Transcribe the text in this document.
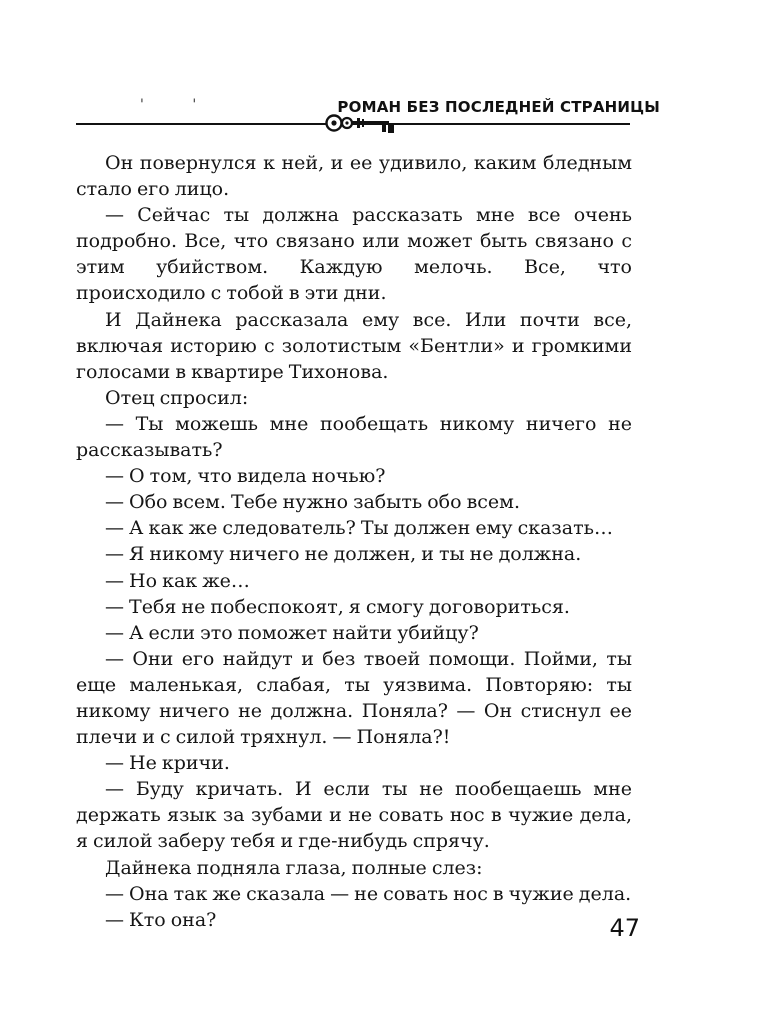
'	'	РОМАН БЕЗ ПОСЛЕДНЕЙ СТРАНИЦЫ

Он повернулся к ней, и ее удивило, каким бледным стало его лицо.

— Сейчас ты должна рассказать мне все очень подробно. Все, что связано или может быть связано с этим убийством. Каждую мелочь. Все, что происходило с тобой в эти дни.

И Дайнека рассказала ему все. Или почти все, включая историю с золотистым «Бентли» и громкими голосами в квартире Тихонова.

Отец спросил:

— Ты можешь мне пообещать никому ничего не рассказывать?

— О том, что видела ночью?

— Обо всем. Тебе нужно забыть обо всем.

— А как же следователь? Ты должен ему сказать…

— Я никому ничего не должен, и ты не должна.

— Но как же…

— Тебя не побеспокоят, я смогу договориться.

— А если это поможет найти убийцу?

— Они его найдут и без твоей помощи. Пойми, ты еще маленькая, слабая, ты уязвима. Повторяю: ты никому ничего не должна. Поняла? — Он стиснул ее плечи и с силой тряхнул. — Поняла?!

— Не кричи.

— Буду кричать. И если ты не пообещаешь мне держать язык за зубами и не совать нос в чужие дела, я силой заберу тебя и где-нибудь спрячу.

Дайнека подняла глаза, полные слез:

— Она так же сказала — не совать нос в чужие дела.

— Кто она?	47
